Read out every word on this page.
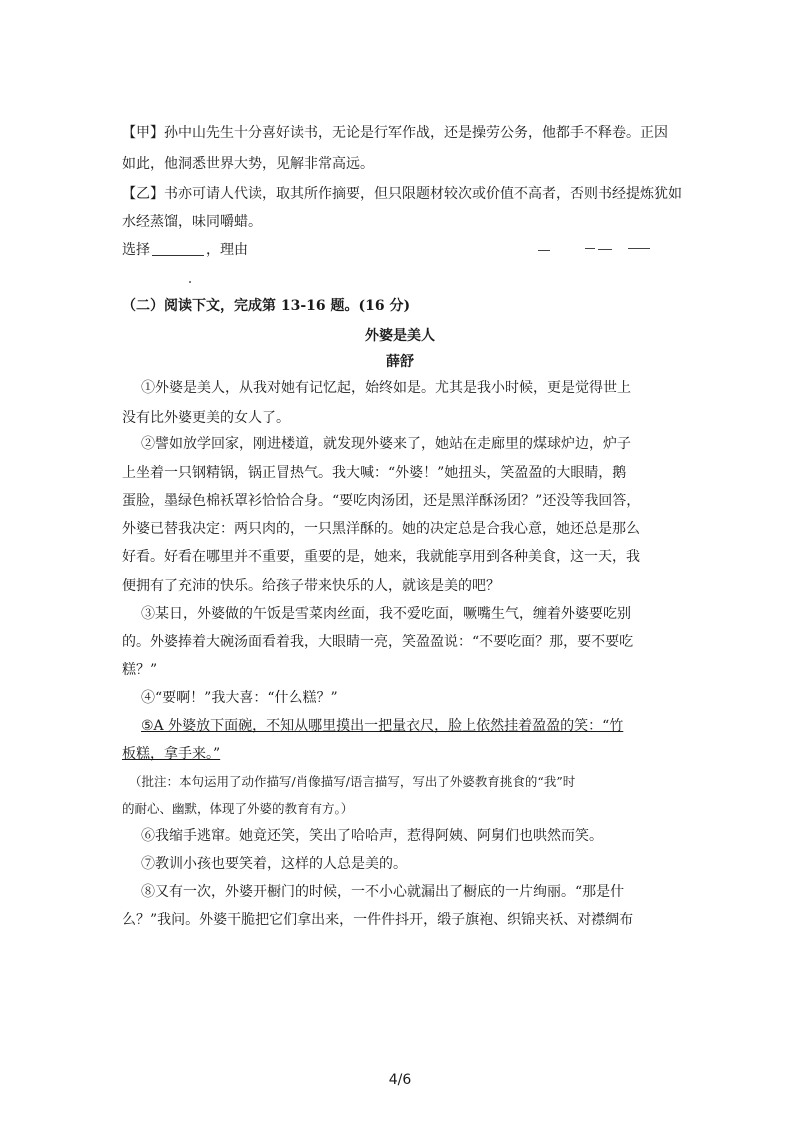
【甲】孙中山先生十分喜好读书，无论是行军作战，还是操劳公务，他都手不释卷。正因
如此，他洞悉世界大势，见解非常高远。
【乙】书亦可请人代读，取其所作摘要，但只限题材较次或价值不高者，否则书经提炼犹如
水经蒸馏，味同嚼蜡。
选择	，理由
（二）阅读下文，完成第 13-16 题。(16 分)
外婆是美人
薛舒
①外婆是美人，从我对她有记忆起，始终如是。尤其是我小时候，更是觉得世上
没有比外婆更美的女人了。
②譬如放学回家，刚进楼道，就发现外婆来了，她站在走廊里的煤球炉边，炉子
上坐着一只钢精锅，锅正冒热气。我大喊：“外婆！”她扭头，笑盈盈的大眼睛，鹅
蛋脸，墨绿色棉袄罩衫恰恰合身。“要吃肉汤团，还是黑洋酥汤团？”还没等我回答，
外婆已替我决定：两只肉的，一只黑洋酥的。她的决定总是合我心意，她还总是那么
好看。好看在哪里并不重要，重要的是，她来，我就能享用到各种美食，这一天，我
便拥有了充沛的快乐。给孩子带来快乐的人，就该是美的吧？
③某日，外婆做的午饭是雪菜肉丝面，我不爱吃面，噘嘴生气，缠着外婆要吃别
的。外婆捧着大碗汤面看着我，大眼睛一亮，笑盈盈说：“不要吃面？那，要不要吃
糕？”
④“要啊！”我大喜：“什么糕？”
⑤A 外婆放下面碗，不知从哪里摸出一把量衣尺，脸上依然挂着盈盈的笑：“竹
板糕，拿手来。”
（批注：本句运用了动作描写/肖像描写/语言描写，写出了外婆教育挑食的“我”时
的耐心、幽默，体现了外婆的教育有方。）
⑥我缩手逃窜。她竟还笑，笑出了哈哈声，惹得阿姨、阿舅们也哄然而笑。
⑦教训小孩也要笑着，这样的人总是美的。
⑧又有一次，外婆开橱门的时候，一不小心就漏出了橱底的一片绚丽。“那是什
么？”我问。外婆干脆把它们拿出来，一件件抖开，缎子旗袍、织锦夹袄、对襟绸布
4/6
